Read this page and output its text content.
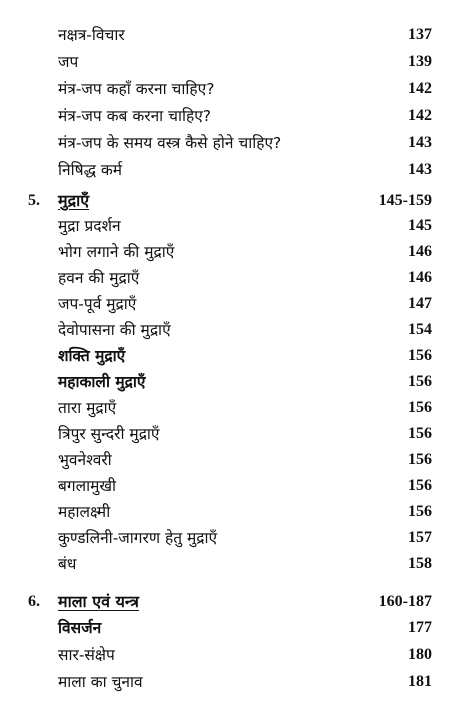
नक्षत्र-विचार	137
जप	139
मंत्र-जप कहाँ करना चाहिए?	142
मंत्र-जप कब करना चाहिए?	142
मंत्र-जप के समय वस्त्र कैसे होने चाहिए?	143
निषिद्ध कर्म	143
5. मुद्राएँ	145-159
मुद्रा प्रदर्शन	145
भोग लगाने की मुद्राएँ	146
हवन की मुद्राएँ	146
जप-पूर्व मुद्राएँ	147
देवोपासना की मुद्राएँ	154
शक्ति मुद्राएँ	156
महाकाली मुद्राएँ	156
तारा मुद्राएँ	156
त्रिपुर सुन्दरी मुद्राएँ	156
भुवनेश्वरी	156
बगलामुखी	156
महालक्ष्मी	156
कुण्डलिनी-जागरण हेतु मुद्राएँ	157
बंध	158
6. माला एवं यन्त्र	160-187
विसर्जन	177
सार-संक्षेप	180
माला का चुनाव	181
